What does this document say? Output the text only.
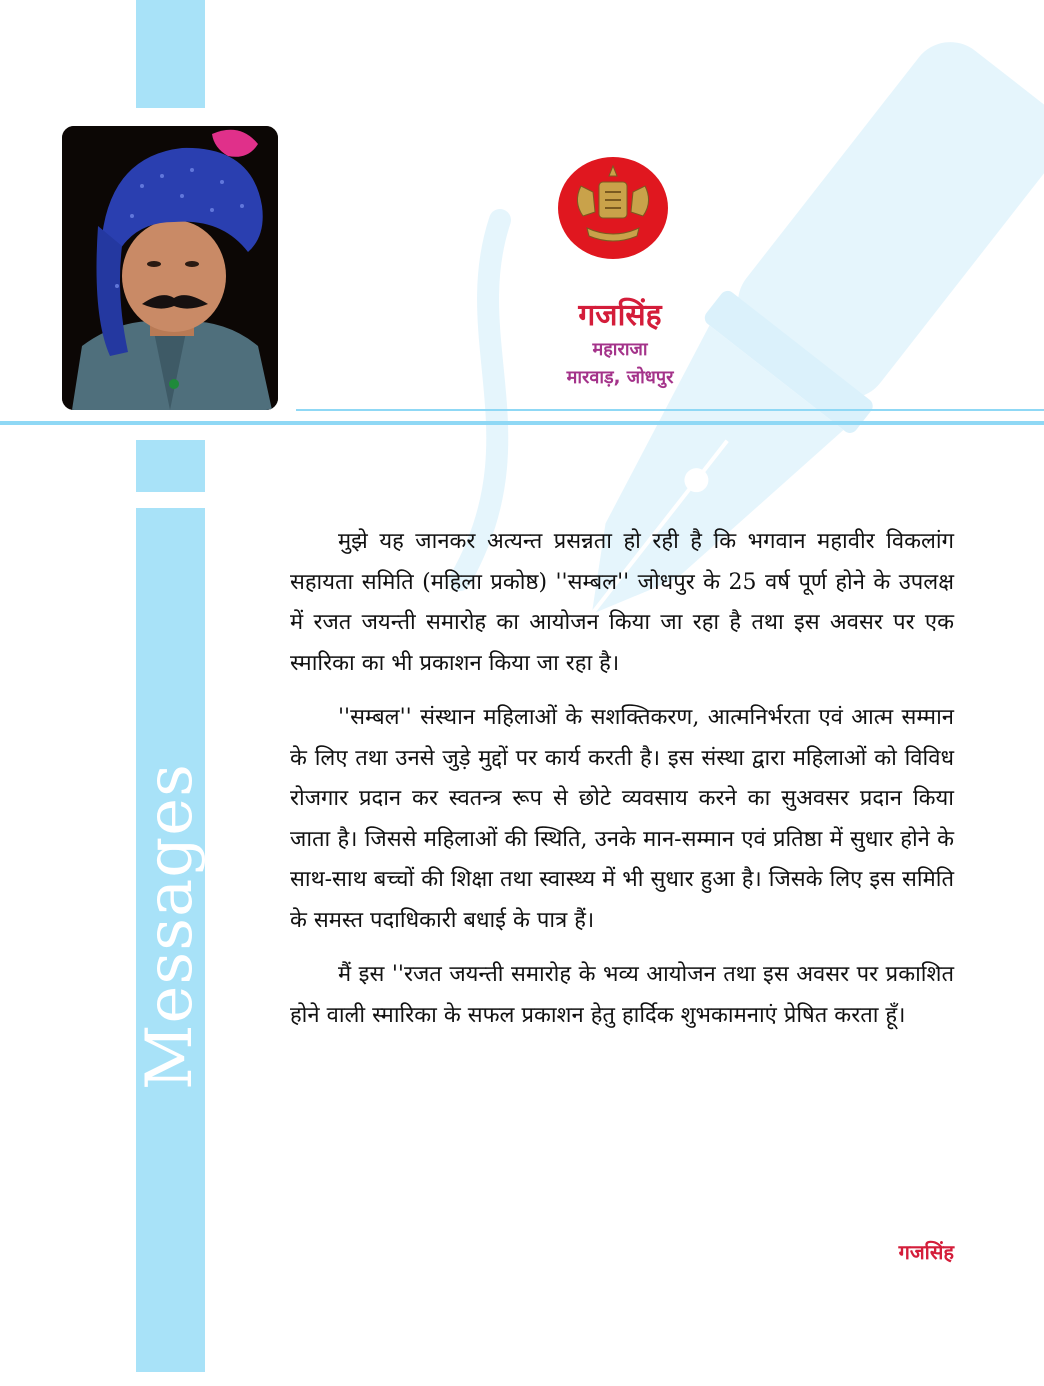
Messages
गजसिंह
महाराजा
मारवाड़, जोधपुर

मुझे यह जानकर अत्यन्त प्रसन्नता हो रही है कि भगवान महावीर विकलांग सहायता समिति (महिला प्रकोष्ठ) ''सम्बल'' जोधपुर के 25 वर्ष पूर्ण होने के उपलक्ष में रजत जयन्ती समारोह का आयोजन किया जा रहा है तथा इस अवसर पर एक स्मारिका का भी प्रकाशन किया जा रहा है।

''सम्बल'' संस्थान महिलाओं के सशक्तिकरण, आत्मनिर्भरता एवं आत्म सम्मान के लिए तथा उनसे जुड़े मुद्दों पर कार्य करती है। इस संस्था द्वारा महिलाओं को विविध रोजगार प्रदान कर स्वतन्त्र रूप से छोटे व्यवसाय करने का सुअवसर प्रदान किया जाता है। जिससे महिलाओं की स्थिति, उनके मान-सम्मान एवं प्रतिष्ठा में सुधार होने के साथ-साथ बच्चों की शिक्षा तथा स्वास्थ्य में भी सुधार हुआ है। जिसके लिए इस समिति के समस्त पदाधिकारी बधाई के पात्र हैं।

मैं इस ''रजत जयन्ती समारोह के भव्य आयोजन तथा इस अवसर पर प्रकाशित होने वाली स्मारिका के सफल प्रकाशन हेतु हार्दिक शुभकामनाएं प्रेषित करता हूँ।

गजसिंह
